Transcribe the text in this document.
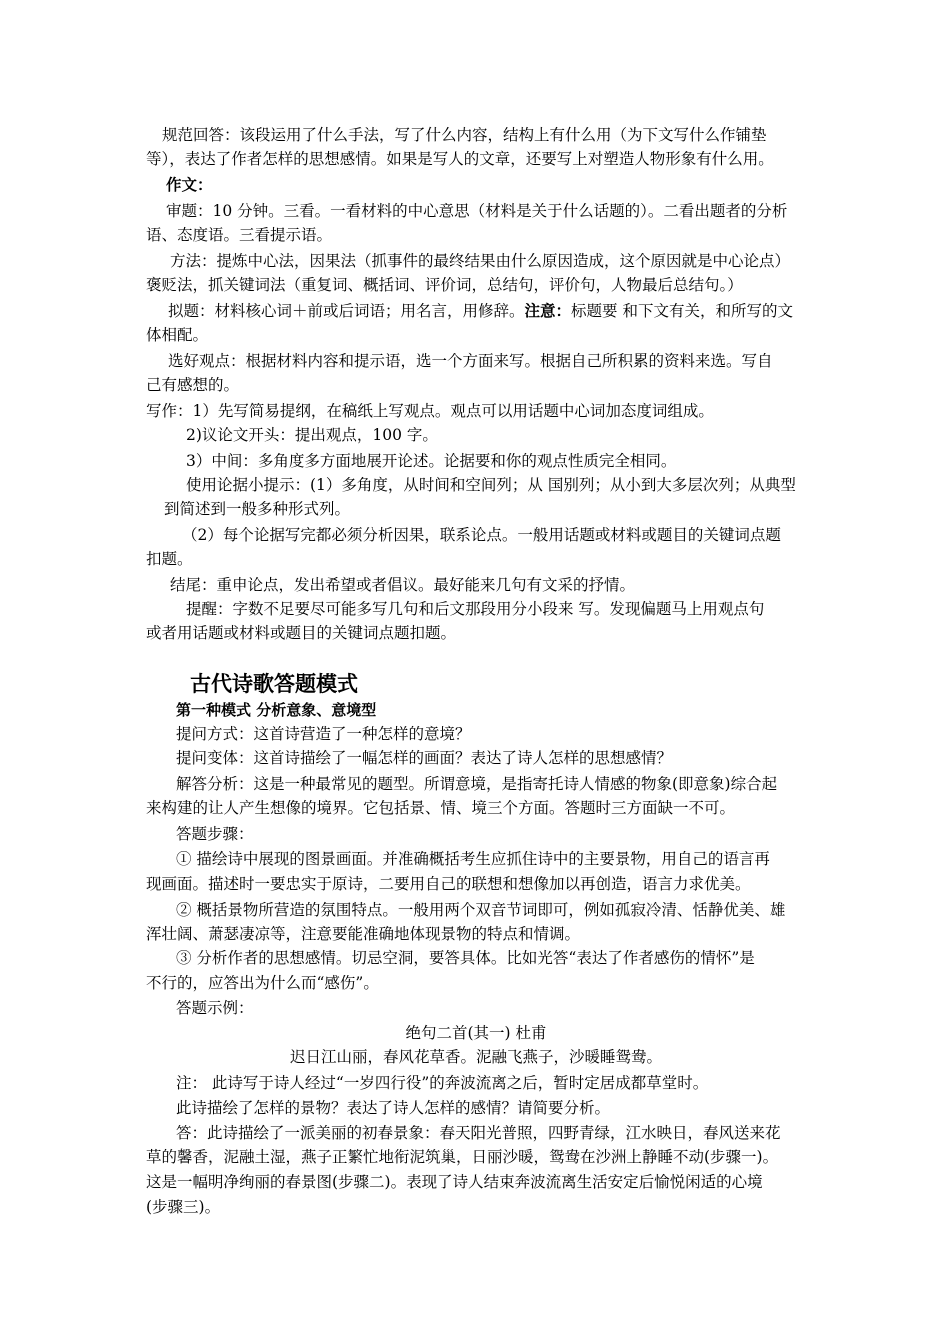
规范回答：该段运用了什么手法，写了什么内容，结构上有什么用（为下文写什么作铺垫
等），表达了作者怎样的思想感情。如果是写人的文章，还要写上对塑造人物形象有什么用。
作文：
审题：10 分钟。三看。一看材料的中心意思（材料是关于什么话题的）。二看出题者的分析
语、态度语。三看提示语。
方法：提炼中心法，因果法（抓事件的最终结果由什么原因造成，这个原因就是中心论点）
褒贬法，抓关键词法（重复词、概括词、评价词，总结句，评价句，人物最后总结句。）
拟题：材料核心词＋前或后词语；用名言，用修辞。注意：标题要 和下文有关，和所写的文
体相配。
选好观点：根据材料内容和提示语，选一个方面来写。根据自己所积累的资料来选。写自
己有感想的。
写作：1）先写简易提纲，在稿纸上写观点。观点可以用话题中心词加态度词组成。
2)议论文开头：提出观点，100 字。
3）中间：多角度多方面地展开论述。论据要和你的观点性质完全相同。
使用论据小提示：(1）多角度，从时间和空间列；从 国别列；从小到大多层次列；从典型
到简述到一般多种形式列。
（2）每个论据写完都必须分析因果，联系论点。一般用话题或材料或题目的关键词点题
扣题。
结尾：重申论点，发出希望或者倡议。最好能来几句有文采的抒情。
提醒：字数不足要尽可能多写几句和后文那段用分小段来 写。发现偏题马上用观点句
或者用话题或材料或题目的关键词点题扣题。
古代诗歌答题模式
第一种模式 分析意象、意境型
提问方式：这首诗营造了一种怎样的意境？
提问变体：这首诗描绘了一幅怎样的画面？表达了诗人怎样的思想感情？
解答分析：这是一种最常见的题型。所谓意境，是指寄托诗人情感的物象(即意象)综合起
来构建的让人产生想像的境界。它包括景、情、境三个方面。答题时三方面缺一不可。
答题步骤：
① 描绘诗中展现的图景画面。并准确概括考生应抓住诗中的主要景物，用自己的语言再
现画面。描述时一要忠实于原诗，二要用自己的联想和想像加以再创造，语言力求优美。
② 概括景物所营造的氛围特点。一般用两个双音节词即可，例如孤寂冷清、恬静优美、雄
浑壮阔、萧瑟凄凉等，注意要能准确地体现景物的特点和情调。
③ 分析作者的思想感情。切忌空洞，要答具体。比如光答“表达了作者感伤的情怀”是
不行的，应答出为什么而“感伤”。
答题示例：
绝句二首(其一) 杜甫
迟日江山丽，春风花草香。泥融飞燕子，沙暖睡鸳鸯。
注： 此诗写于诗人经过“一岁四行役”的奔波流离之后，暂时定居成都草堂时。
此诗描绘了怎样的景物？表达了诗人怎样的感情？请简要分析。
答：此诗描绘了一派美丽的初春景象：春天阳光普照，四野青绿，江水映日，春风送来花
草的馨香，泥融土湿，燕子正繁忙地衔泥筑巢，日丽沙暖，鸳鸯在沙洲上静睡不动(步骤一)。
这是一幅明净绚丽的春景图(步骤二)。表现了诗人结束奔波流离生活安定后愉悦闲适的心境
(步骤三)。
